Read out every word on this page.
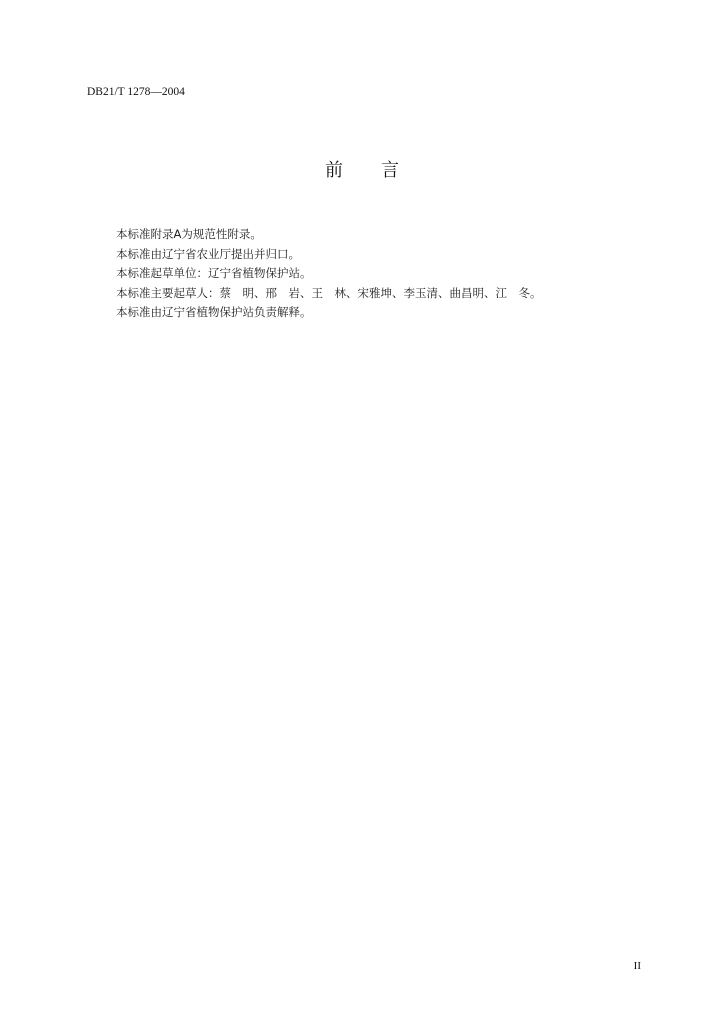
DB21/T 1278—2004
前 言
本标准附录A为规范性附录。
本标准由辽宁省农业厅提出并归口。
本标准起草单位：辽宁省植物保护站。
本标准主要起草人：蔡　明、邢　岩、王　林、宋雅坤、李玉清、曲昌明、江　冬。
本标准由辽宁省植物保护站负责解释。
II
